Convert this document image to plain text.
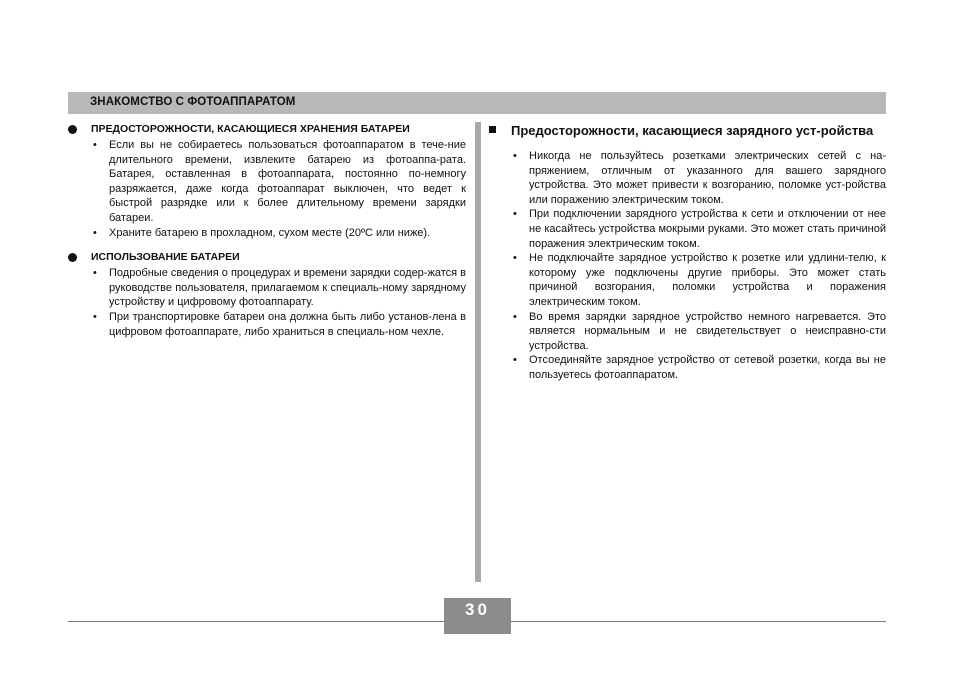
ЗНАКОМСТВО С ФОТОАППАРАТОМ
ПРЕДОСТОРОЖНОСТИ, КАСАЮЩИЕСЯ ХРАНЕНИЯ БАТАРЕИ
• Если вы не собираетесь пользоваться фотоаппаратом в тече-ние длительного времени, извлеките батарею из фотоаппа-рата. Батарея, оставленная в фотоаппарата, постоянно по-немногу разряжается, даже когда фотоаппарат выключен, что ведет к быстрой разрядке или к более длительному времени зарядки батареи.
• Храните батарею в прохладном, сухом месте (20ºC или ниже).
ИСПОЛЬЗОВАНИЕ БАТАРЕИ
• Подробные сведения о процедурах и времени зарядки содер-жатся в руководстве пользователя, прилагаемом к специаль-ному зарядному устройству и цифровому фотоаппарату.
• При транспортировке батареи она должна быть либо установ-лена в цифровом фотоаппарате, либо храниться в специаль-ном чехле.
Предосторожности, касающиеся зарядного уст-ройства
• Никогда не пользуйтесь розетками электрических сетей с на-пряжением, отличным от указанного для вашего зарядного устройства. Это может привести к возгоранию, поломке уст-ройства или поражению электрическим током.
• При подключении зарядного устройства к сети и отключении от нее не касайтесь устройства мокрыми руками. Это может стать причиной поражения электрическим током.
• Не подключайте зарядное устройство к розетке или удлини-телю, к которому уже подключены другие приборы. Это может стать причиной возгорания, поломки устройства и поражения электрическим током.
• Во время зарядки зарядное устройство немного нагревается. Это является нормальным и не свидетельствует о неисправно-сти устройства.
• Отсоединяйте зарядное устройство от сетевой розетки, когда вы не пользуетесь фотоаппаратом.
30
